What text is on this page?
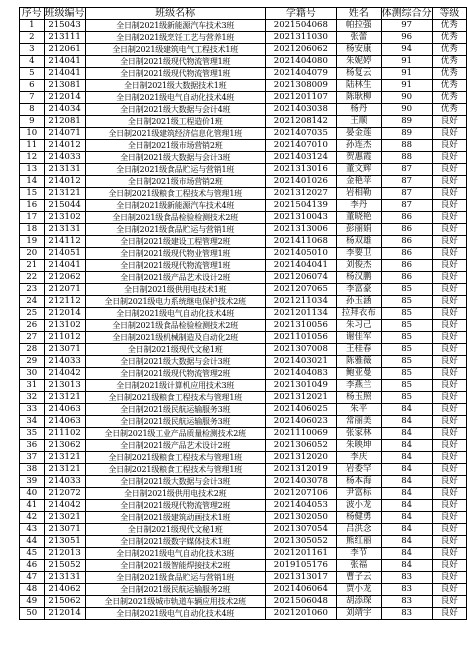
序号	班级编号	班级名称	学籍号	姓名	体测综合分	等级
1	215043	全日制2021级新能源汽车技术3班	2021504068	帕拉强	97	优秀
2	213111	全日制2021级烹饪工艺与营养1班	2021311030	张蕾	96	优秀
3	212061	全日制2021级建筑电气工程技术1班	2021206062	杨安康	94	优秀
4	214041	全日制2021级现代物流管理1班	2021404080	朱妮婷	91	优秀
5	214041	全日制2021级现代物流管理1班	2021404079	杨复云	91	优秀
6	213081	全日制2021级大数据技术1班	2021308009	陆林生	91	优秀
7	212014	全日制2021级电气自动化技术4班	2021201107	陈耿柳	90	优秀
8	214034	全日制2021级大数据与会计4班	2021403038	杨丹	90	优秀
9	212081	全日制2021级工程造价1班	2021208142	王顺	89	良好
10	214071	全日制2021级建筑经济信息化管理1班	2021407035	晏金莲	89	良好
11	214012	全日制2021级市场营销2班	2021407010	孙连杰	88	良好
12	214033	全日制2021级大数据与会计3班	2021403124	贺惠霞	88	良好
13	213131	全日制2021级食品贮运与营销1班	2021313016	董文辉	87	良好
14	214012	全日制2021级市场营销2班	2021401026	金艳苹	87	良好
15	213121	全日制2021级粮食工程技术与管理1班	2021312027	岩相勒	87	良好
16	215044	全日制2021级新能源汽车技术4班	2021504139	李丹	87	良好
17	213102	全日制2021级食品检验检测技术2班	2021310043	董晓艳	86	良好
18	213131	全日制2021级食品贮运与营销1班	2021313006	彭丽娟	86	良好
19	214112	全日制2021级建设工程管理2班	2021411068	杨双雄	86	良好
20	214051	全日制2021级现代物业管理1班	2021405010	李要卫	86	良好
21	214041	全日制2021级现代物流管理1班	2021404041	刘俊杰	86	良好
22	212062	全日制2021级产品艺术设计2班	2021206074	杨汉鹏	86	良好
23	212071	全日制2021级供用电技术1班	2021207065	李富豪	85	良好
24	212112	全日制2021级电力系统继电保护技术2班	2021211034	孙玉涵	85	良好
25	212014	全日制2021级电气自动化技术4班	2021201134	拉拜衣布	85	良好
26	213102	全日制2021级食品检验检测技术2班	2021310056	朱习己	85	良好
27	211012	全日制2021级机械制造及自动化2班	2021101056	谢佳军	85	良好
28	213071	全日制2021级现代文秘1班	2021307008	王桂春	85	良好
29	214033	全日制2021级大数据与会计3班	2021403021	陈雅薇	85	良好
30	214042	全日制2021级现代物流管理2班	2021404083	鲍亚曼	85	良好
31	213013	全日制2021级计算机应用技术3班	2021301049	李燕兰	85	良好
32	213121	全日制2021级粮食工程技术与管理1班	2021312021	杨玉照	85	良好
33	214063	全日制2021级民航运输服务3班	2021406025	朱平	84	良好
34	214063	全日制2021级民航运输服务3班	2021406023	常丽美	84	良好
35	211102	全日制2021级工业产品质量检测技术2班	2021110069	张家林	84	良好
36	213062	全日制2021级产品艺术设计2班	2021306052	朱映坤	84	良好
37	213121	全日制2021级粮食工程技术与管理1班	2021312020	李庆	84	良好
38	213121	全日制2021级粮食工程技术与管理1班	2021312019	岩委罕	84	良好
39	214033	全日制2021级大数据与会计3班	2021403078	杨本海	84	良好
40	212072	全日制2021级供用电技术2班	2021207106	尹富标	84	良好
41	214042	全日制2021级现代物流管理2班	2021404053	波小龙	84	良好
42	213021	全日制2021级建筑动画技术1班	2021302050	杨健勇	84	良好
43	213071	全日制2021级现代文秘1班	2021307054	吕洪念	84	良好
44	213051	全日制2021级数字媒体技术1班	2021305052	熊红丽	84	良好
45	212013	全日制2021级电气自动化技术3班	2021201161	李节	84	良好
46	215052	全日制2021级智能焊接技术2班	2019105176	张福	84	良好
47	213131	全日制2021级食品贮运与营销1班	2021313017	曹子云	83	良好
48	214062	全日制2021级民航运输服务2班	2021406064	贾小龙	83	良好
49	215062	全日制2021级城市轨道车辆应用技术2班	2021506048	胡添琛	83	良好
50	212014	全日制2021级电气自动化技术4班	2021201060	刘靖宇	83	良好
